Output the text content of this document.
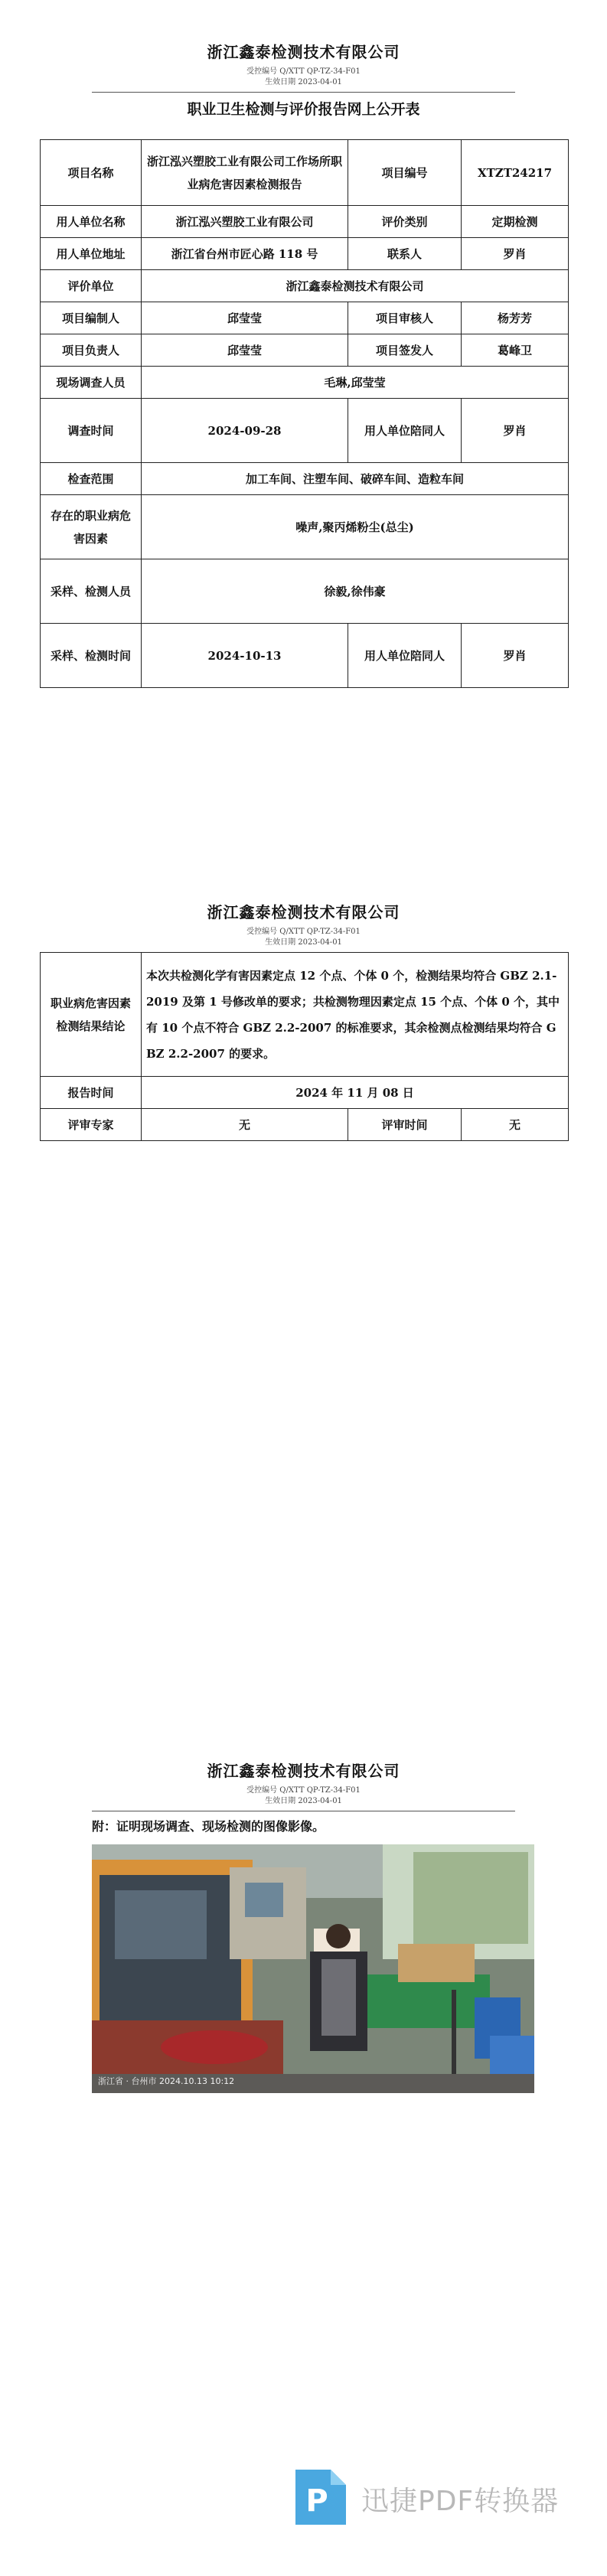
浙江鑫泰检测技术有限公司
受控编号 Q/XTT QP-TZ-34-F01
生效日期 2023-04-01
职业卫生检测与评价报告网上公开表
项目名称	浙江泓兴塑胶工业有限公司工作场所职业病危害因素检测报告	项目编号	XTZT24217
用人单位名称	浙江泓兴塑胶工业有限公司	评价类别	定期检测
用人单位地址	浙江省台州市匠心路 118 号	联系人	罗肖
评价单位	浙江鑫泰检测技术有限公司		
项目编制人	邱莹莹	项目审核人	杨芳芳
项目负责人	邱莹莹	项目签发人	葛峰卫
现场调查人员	毛琳,邱莹莹		
调查时间	2024-09-28	用人单位陪同人	罗肖
检查范围	加工车间、注塑车间、破碎车间、造粒车间		
存在的职业病危害因素	噪声,聚丙烯粉尘(总尘)		
采样、检测人员	徐毅,徐伟豪		
采样、检测时间	2024-10-13	用人单位陪同人	罗肖
浙江鑫泰检测技术有限公司
受控编号 Q/XTT QP-TZ-34-F01
生效日期 2023-04-01
职业病危害因素检测结果结论	本次共检测化学有害因素定点 12 个点、个体 0 个，检测结果均符合 GBZ 2.1-2019 及第 1 号修改单的要求；共检测物理因素定点 15 个点、个体 0 个，其中有 10 个点不符合 GBZ 2.2-2007 的标准要求，其余检测点检测结果均符合 GBZ 2.2-2007 的要求。		
报告时间	2024 年 11 月 08 日		
评审专家	无	评审时间	无
浙江鑫泰检测技术有限公司
受控编号 Q/XTT QP-TZ-34-F01
生效日期 2023-04-01
附：证明现场调查、现场检测的图像影像。
浙江省 · 台州市 2024.10.13 10:12
P 迅捷PDF转换器
